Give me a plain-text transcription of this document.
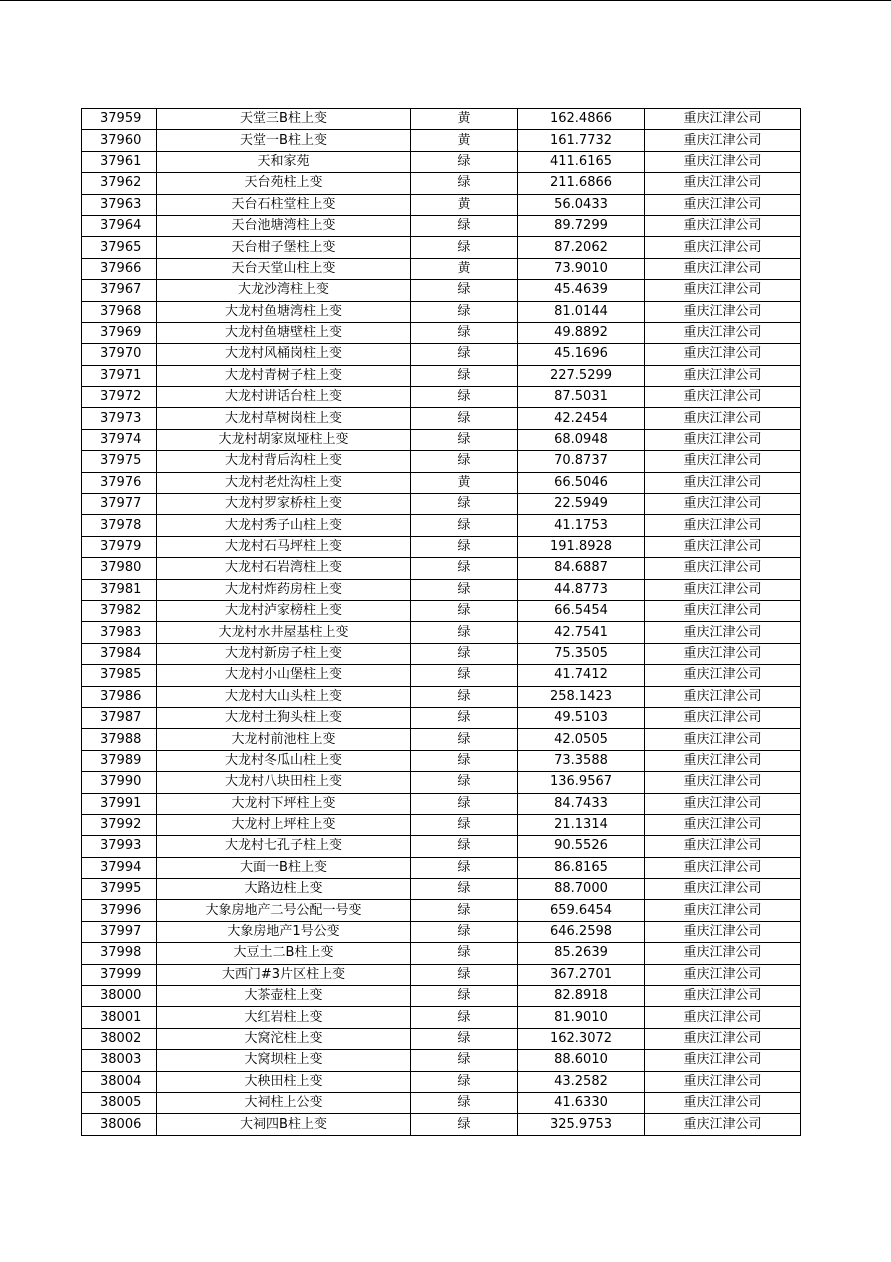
37959	天堂三B柱上变	黄	162.4866	重庆江津公司
37960	天堂一B柱上变	黄	161.7732	重庆江津公司
37961	天和家苑	绿	411.6165	重庆江津公司
37962	天台苑柱上变	绿	211.6866	重庆江津公司
37963	天台石柱堂柱上变	黄	56.0433	重庆江津公司
37964	天台池塘湾柱上变	绿	89.7299	重庆江津公司
37965	天台柑子堡柱上变	绿	87.2062	重庆江津公司
37966	天台天堂山柱上变	黄	73.9010	重庆江津公司
37967	大龙沙湾柱上变	绿	45.4639	重庆江津公司
37968	大龙村鱼塘湾柱上变	绿	81.0144	重庆江津公司
37969	大龙村鱼塘壁柱上变	绿	49.8892	重庆江津公司
37970	大龙村风桶岗柱上变	绿	45.1696	重庆江津公司
37971	大龙村青树子柱上变	绿	227.5299	重庆江津公司
37972	大龙村讲话台柱上变	绿	87.5031	重庆江津公司
37973	大龙村草树岗柱上变	绿	42.2454	重庆江津公司
37974	大龙村胡家岚垭柱上变	绿	68.0948	重庆江津公司
37975	大龙村背后沟柱上变	绿	70.8737	重庆江津公司
37976	大龙村老灶沟柱上变	黄	66.5046	重庆江津公司
37977	大龙村罗家桥柱上变	绿	22.5949	重庆江津公司
37978	大龙村秀子山柱上变	绿	41.1753	重庆江津公司
37979	大龙村石马坪柱上变	绿	191.8928	重庆江津公司
37980	大龙村石岩湾柱上变	绿	84.6887	重庆江津公司
37981	大龙村炸药房柱上变	绿	44.8773	重庆江津公司
37982	大龙村泸家榜柱上变	绿	66.5454	重庆江津公司
37983	大龙村水井屋基柱上变	绿	42.7541	重庆江津公司
37984	大龙村新房子柱上变	绿	75.3505	重庆江津公司
37985	大龙村小山堡柱上变	绿	41.7412	重庆江津公司
37986	大龙村大山头柱上变	绿	258.1423	重庆江津公司
37987	大龙村土狗头柱上变	绿	49.5103	重庆江津公司
37988	大龙村前池柱上变	绿	42.0505	重庆江津公司
37989	大龙村冬瓜山柱上变	绿	73.3588	重庆江津公司
37990	大龙村八块田柱上变	绿	136.9567	重庆江津公司
37991	大龙村下坪柱上变	绿	84.7433	重庆江津公司
37992	大龙村上坪柱上变	绿	21.1314	重庆江津公司
37993	大龙村七孔子柱上变	绿	90.5526	重庆江津公司
37994	大面一B柱上变	绿	86.8165	重庆江津公司
37995	大路边柱上变	绿	88.7000	重庆江津公司
37996	大象房地产二号公配一号变	绿	659.6454	重庆江津公司
37997	大象房地产1号公变	绿	646.2598	重庆江津公司
37998	大豆土二B柱上变	绿	85.2639	重庆江津公司
37999	大西门#3片区柱上变	绿	367.2701	重庆江津公司
38000	大茶壶柱上变	绿	82.8918	重庆江津公司
38001	大红岩柱上变	绿	81.9010	重庆江津公司
38002	大窝沱柱上变	绿	162.3072	重庆江津公司
38003	大窝坝柱上变	绿	88.6010	重庆江津公司
38004	大秧田柱上变	绿	43.2582	重庆江津公司
38005	大祠柱上公变	绿	41.6330	重庆江津公司
38006	大祠四B柱上变	绿	325.9753	重庆江津公司
